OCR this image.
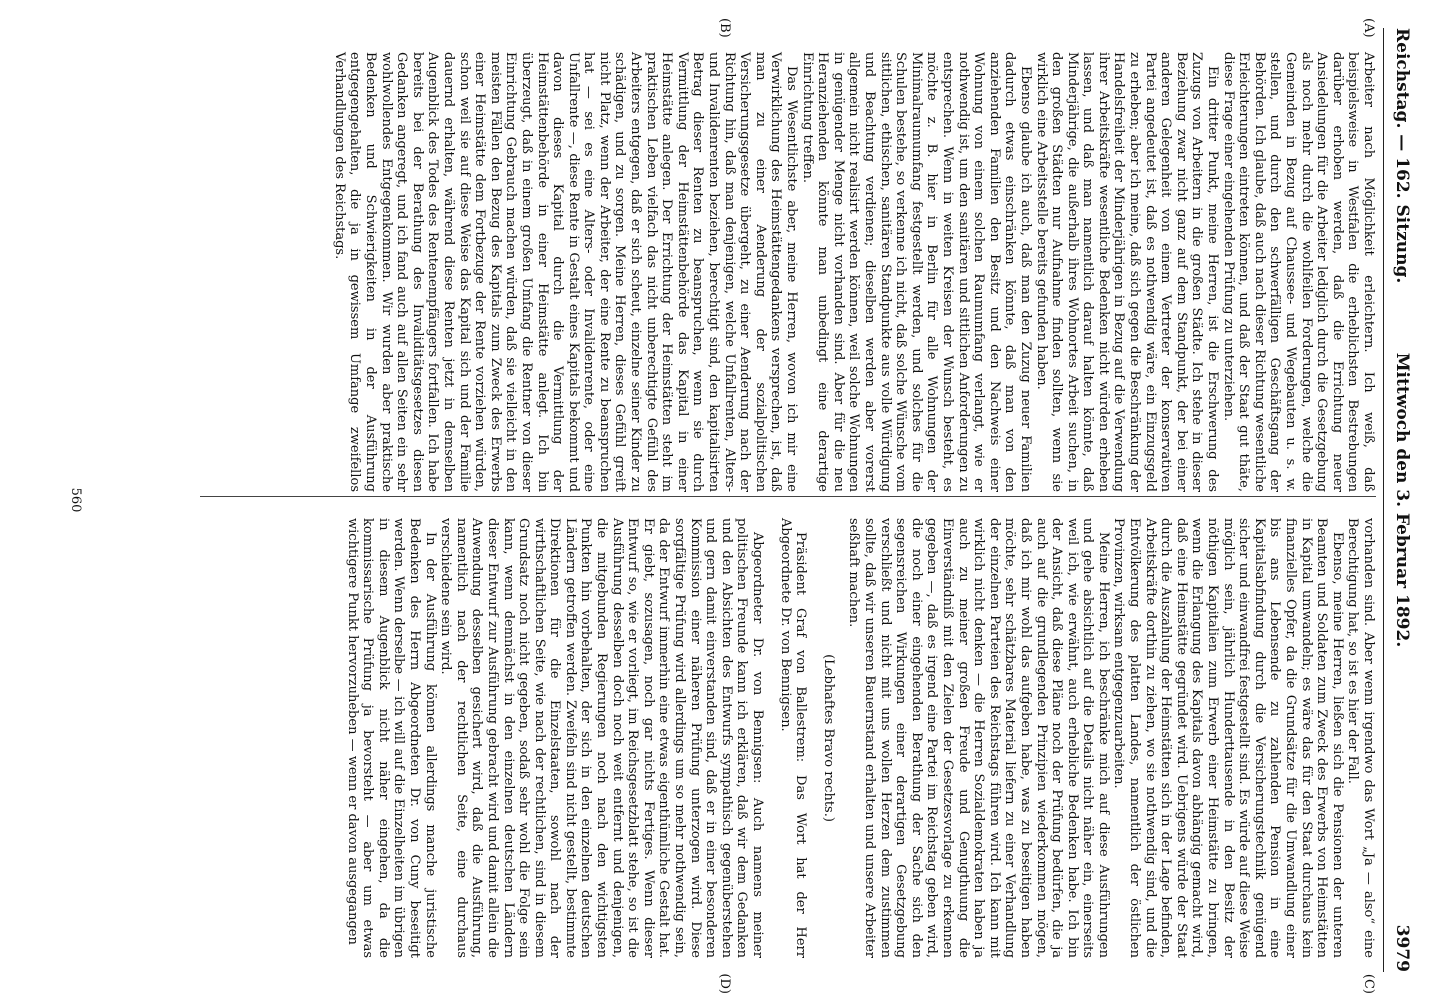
Reichstag. — 162. Sitzung.
Mittwoch den 3. Februar 1892.
3979
(A)
(B)
(C)
(D)

Arbeiter nach Möglichkeit erleichtern. Ich weiß, daß beispielsweise in Westfalen die erheblichsten Bestrebungen darüber erhoben werden, daß die Errichtung neuer Ansiedelungen für die Arbeiter lediglich durch die Gesetzgebung als noch mehr durch die wohlfeilen Forderungen, welche die Gemeinden in Bezug auf Chaussee- und Wegebauten u. s. w. stellen, und durch den schwerfälligen Geschäftsgang der Behörden. Ich glaube, daß auch nach dieser Richtung wesentliche Erleichterungen eintreten können, und daß der Staat gut thäte, diese Frage einer eingehenden Prüfung zu unterziehen.

Ein dritter Punkt, meine Herren, ist die Erschwerung des Zuzugs von Arbeitern in die großen Städte. Ich stehe in dieser Beziehung zwar nicht ganz auf dem Standpunkt, der bei einer anderen Gelegenheit von einem Vertreter der konservativen Partei angedeutet ist, daß es nothwendig wäre, ein Einzugsgeld zu erheben; aber ich meine, daß sich gegen die Beschränkung der Handelsfreiheit der Minderjährigen in Bezug auf die Verwendung ihrer Arbeitskräfte wesentliche Bedenken nicht würden erheben lassen, und daß man namentlich darauf halten könnte, daß Minderjährige, die außerhalb ihres Wohnortes Arbeit suchen, in den großen Städten nur Aufnahme finden sollten, wenn sie wirklich eine Arbeitsstelle bereits gefunden haben.

Ebenso glaube ich auch, daß man den Zuzug neuer Familien dadurch etwas einschränken könnte, daß man von den anziehenden Familien den Besitz und den Nachweis einer Wohnung von einem solchen Raumumfang verlangt, wie er nothwendig ist, um den sanitären und sittlichen Anforderungen zu entsprechen. Wenn in weiten Kreisen der Wunsch besteht, es möchte z. B. hier in Berlin für alle Wohnungen der Minimalraumumfang festgestellt werden, und solches für die Schulen bestehe, so verkenne ich nicht, daß solche Wünsche vom sittlichen, ethischen, sanitären Standpunkte aus volle Würdigung und Beachtung verdienen; dieselben werden aber vorerst allgemein nicht realisirt werden können, weil solche Wohnungen in genügender Menge nicht vorhanden sind. Aber für die neu Heranziehenden könnte man unbedingt eine derartige Einrichtung treffen.

Das Wesentlichste aber, meine Herren, wovon ich mir eine Verwirklichung des Heimstättengedankens versprechen, ist, daß man zu einer Aenderung der sozialpolitischen Versicherungsgesetze übergeht, zu einer Aenderung nach der Richtung hin, daß man denjenigen, welche Unfallrenten, Alters- und Invalidenrenten beziehen, berechtigt sind, den kapitalisirten Betrag dieser Renten zu beanspruchen, wenn sie durch Vermittlung der Heimstättenbehörde das Kapital in einer Heimstätte anlegen. Der Errichtung der Heimstätten steht im praktischen Leben vielfach das nicht unberechtigte Gefühl des Arbeiters entgegen, daß er sich scheut, einzelne seiner Kinder zu schädigen, und zu sorgen. Meine Herren, dieses Gefühl greift nicht Platz, wenn der Arbeiter, der eine Rente zu beanspruchen hat — sei es eine Alters- oder Invalidenrente, oder eine Unfallrente —, diese Rente in Gestalt eines Kapitals bekommt und davon dieses Kapital durch die Vermittlung der Heimstättenbehörde in einer Heimstätte anlegt. Ich bin überzeugt, daß in einem großen Umfang die Rentner von dieser Einrichtung Gebrauch machen würden, daß sie vielleicht in den meisten Fällen den Bezug des Kapitals zum Zweck des Erwerbs einer Heimstätte dem Fortbezuge der Rente vorziehen würden, schon weil sie auf diese Weise das Kapital sich und der Familie dauernd erhalten, während diese Renten jetzt in demselben Augenblick des Todes des Rentenempfängers fortfallen. Ich habe bereits bei der Berathung des Invaliditätsgesetzes diesen Gedanken angeregt, und ich fand auch auf allen Seiten ein sehr wohlwollendes Entgegenkommen. Wir wurden aber praktische Bedenken und Schwierigkeiten in der Ausführung entgegengehalten, die ja in gewissem Umfange zweifellos Verhandlungen des Reichstags.

vorhanden sind. Aber wenn irgendwo das Wort „Ja — also“ eine Berechtigung hat, so ist es hier der Fall.

Ebenso, meine Herren, ließen sich die Pensionen der unteren Beamten und Soldaten zum Zweck des Erwerbs von Heimstätten in Kapital umwandeln; es wäre das für den Staat durchaus kein finanzielles Opfer, da die Grundsätze für die Umwandlung einer bis ans Lebensende zu zahlenden Pension in eine Kapitalsabfindung durch die Versicherungstechnik genügend sicher und einwandfrei festgestellt sind. Es würde auf diese Weise möglich sein, jährlich Hunderttausende in den Besitz der nöthigen Kapitalien zum Erwerb einer Heimstätte zu bringen, wenn die Erlangung des Kapitals davon abhängig gemacht wird, daß eine Heimstätte gegründet wird. Uebrigens würde der Staat durch die Auszahlung der Heimstätten sich in der Lage befinden, Arbeitskräfte dorthin zu ziehen, wo sie nothwendig sind, und die Entvölkerung des platten Landes, namentlich der östlichen Provinzen, wirksam entgegenzuarbeiten.

Meine Herren, ich beschränke mich auf diese Ausführungen und gehe absichtlich auf die Details nicht näher ein, einerseits weil ich, wie erwähnt, auch erhebliche Bedenken habe. Ich bin der Ansicht, daß diese Pläne noch der Prüfung bedürfen, die ja auch auf die grundlegenden Prinzipien wiederkommen mögen, daß ich mir wohl das aufgeben habe, was zu beseitigen haben möchte, sehr schätzbares Material liefern zu einer Verhandlung der einzelnen Parteien des Reichstags führen wird. Ich kann mit wirklich nicht denken — die Herren Sozialdemokraten haben ja auch zu meiner großen Freude und Genugthuung die Einverständniß mit den Zielen der Gesetzesvorlage zu erkennen gegeben —, daß es irgend eine Partei im Reichstag geben wird, die noch einer eingehenden Berathung der Sache sich den segensreichen Wirkungen einer derartigen Gesetzgebung verschließt und nicht mit uns wollen Herzen dem zustimmen sollte, daß wir unseren Bauernstand erhalten und unsere Arbeiter seßhaft machen.

(Lebhaftes Bravo rechts.)

Präsident Graf von Ballestrem: Das Wort hat der Herr Abgeordnete Dr. von Bennigsen.

Abgeordneter Dr. von Bennigsen: Auch namens meiner politischen Freunde kann ich erklären, daß wir dem Gedanken und den Absichten des Entwurfs sympathisch gegenüberstehen und gern damit einverstanden sind, daß er in einer besonderen Kommission einer näheren Prüfung unterzogen wird. Diese sorgfältige Prüfung wird allerdings um so mehr nothwendig sein, da der Entwurf immerhin eine etwas eigenthümliche Gestalt hat. Er giebt, sozusagen, noch gar nichts Fertiges. Wenn dieser Entwurf so, wie er vorliegt, im Reichsgesetzblatt stehe, so ist die Ausführung desselben doch noch weit entfernt und denjenigen, die mitgebunden Regierungen noch nach den wichtigsten Punkten hin vorbehalten, der sich in den einzelnen deutschen Ländern getroffen werden. Zweifeln sind nicht gestellt, bestimmte Direktionen für die Einzelstaaten, sowohl nach der wirthschaftlichen Seite, wie nach der rechtlichen, sind in diesem Grundsatz noch nicht gegeben, sodaß sehr wohl die Folge sein kann, wenn demnächst in den einzelnen deutschen Ländern dieser Entwurf zur Ausführung gebracht wird und damit allein die Anwendung desselben gesichert wird, daß die Ausführung, namentlich nach der rechtlichen Seite, eine durchaus verschiedene sein wird.

In der Ausführung können allerdings manche juristische Bedenken des Herrn Abgeordneten Dr. von Cuny beseitigt werden. Wenn derselbe — ich will auf die Einzelheiten im übrigen in diesem Augenblick nicht näher eingehen, da die kommissarische Prüfung ja bevorsteht — aber um etwas wichtigere Punkt hervorzuheben — wenn er davon ausgegangen

560
